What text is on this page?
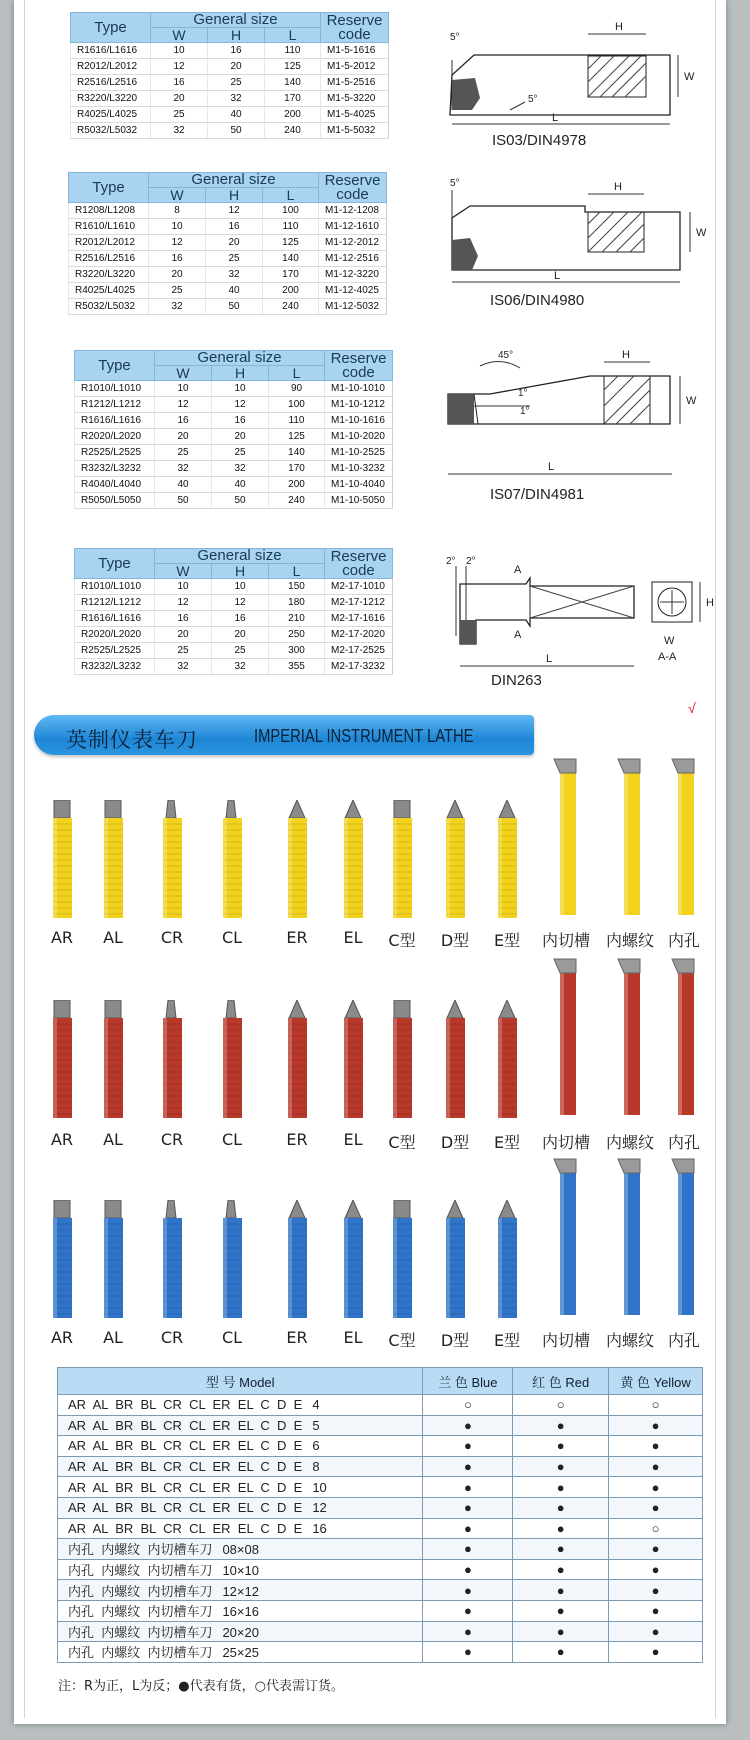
Type	General size			Reserve code
	W	H	L	
R1616/L1616	10	16	110	M1-5-1616
R2012/L2012	12	20	125	M1-5-2012
R2516/L2516	16	25	140	M1-5-2516
R3220/L3220	20	32	170	M1-5-3220
R4025/L4025	25	40	200	M1-5-4025
R5032/L5032	32	50	240	M1-5-5032
Type	General size			Reserve code
	W	H	L	
R1208/L1208	8	12	100	M1-12-1208
R1610/L1610	10	16	110	M1-12-1610
R2012/L2012	12	20	125	M1-12-2012
R2516/L2516	16	25	140	M1-12-2516
R3220/L3220	20	32	170	M1-12-3220
R4025/L4025	25	40	200	M1-12-4025
R5032/L5032	32	50	240	M1-12-5032
Type	General size			Reserve code
	W	H	L	
R1010/L1010	10	10	90	M1-10-1010
R1212/L1212	12	12	100	M1-10-1212
R1616/L1616	16	16	110	M1-10-1616
R2020/L2020	20	20	125	M1-10-2020
R2525/L2525	25	25	140	M1-10-2525
R3232/L3232	32	32	170	M1-10-3232
R4040/L4040	40	40	200	M1-10-4040
R5050/L5050	50	50	240	M1-10-5050
Type	General size			Reserve code
	W	H	L	
R1010/L1010	10	10	150	M2-17-1010
R1212/L1212	12	12	180	M2-17-1212
R1616/L1616	16	16	210	M2-17-1616
R2020/L2020	20	20	250	M2-17-2020
R2525/L2525	25	25	300	M2-17-2525
R3232/L3232	32	32	355	M2-17-3232
H
W
L
5°
5°
IS03/DIN4978
H
W
L
5°
IS06/DIN4980
H
W
L
45°
1°
1°
IS07/DIN4981
A
A
L
H
W
A-A
2° 2°
DIN263
英制仪表车刀	IMPERIAL INSTRUMENT LATHE
√
AR AL CR CL	ER EL C型 D型 E型 内切槽 内螺纹 内孔
AR AL CR CL	ER EL C型 D型 E型 内切槽 内螺纹 内孔
AR AL CR CL	ER EL C型 D型 E型 内切槽 内螺纹 内孔
型 号 Model	兰 色 Blue	红 色 Red	黄 色 Yellow
AR  AL  BR  BL  CR  CL  ER  EL  C  D  E 4	○	○	○
AR  AL  BR  BL  CR  CL  ER  EL  C  D  E 5	●	●	●
AR  AL  BR  BL  CR  CL  ER  EL  C  D  E 6	●	●	●
AR  AL  BR  BL  CR  CL  ER  EL  C  D  E 8	●	●	●
AR  AL  BR  BL  CR  CL  ER  EL  C  D  E 10	●	●	●
AR  AL  BR  BL  CR  CL  ER  EL  C  D  E 12	●	●	●
AR  AL  BR  BL  CR  CL  ER  EL  C  D  E 16	●	●	○
内孔  内螺纹  内切槽车刀 08×08	●	●	●
内孔  内螺纹  内切槽车刀 10×10	●	●	●
内孔  内螺纹  内切槽车刀 12×12	●	●	●
内孔  内螺纹  内切槽车刀 16×16	●	●	●
内孔  内螺纹  内切槽车刀 20×20	●	●	●
内孔  内螺纹  内切槽车刀 25×25	●	●	●
注：R为正，L为反；●代表有货，○代表需订货。
